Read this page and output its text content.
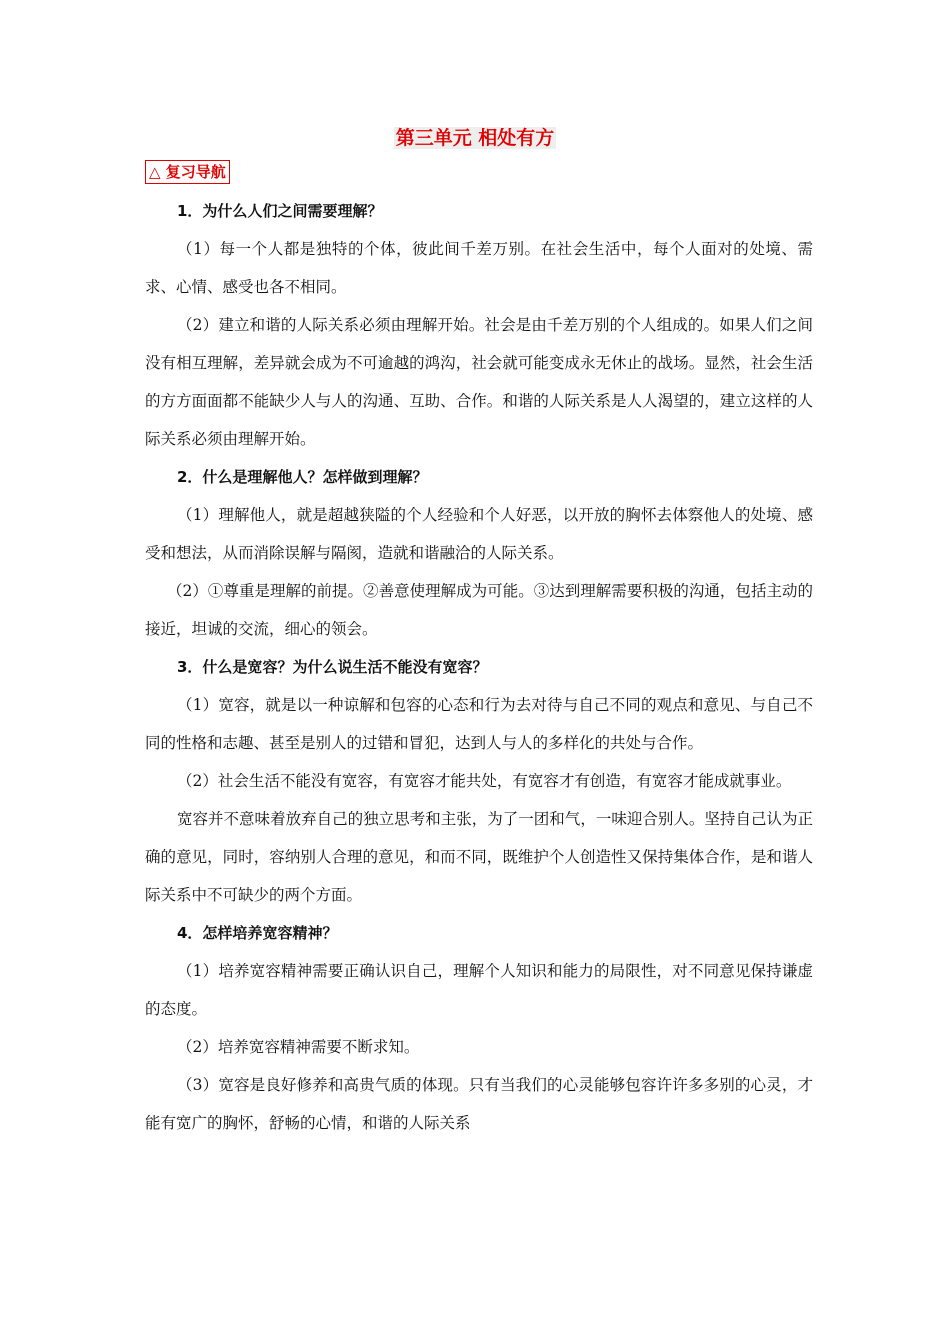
第三单元 相处有方
△ 复习导航

1．为什么人们之间需要理解？

（1）每一个人都是独特的个体，彼此间千差万别。在社会生活中，每个人面对的处境、需求、心情、感受也各不相同。

（2）建立和谐的人际关系必须由理解开始。社会是由千差万别的个人组成的。如果人们之间没有相互理解，差异就会成为不可逾越的鸿沟，社会就可能变成永无休止的战场。显然，社会生活的方方面面都不能缺少人与人的沟通、互助、合作。和谐的人际关系是人人渴望的，建立这样的人际关系必须由理解开始。

2．什么是理解他人？怎样做到理解？

（1）理解他人，就是超越狭隘的个人经验和个人好恶，以开放的胸怀去体察他人的处境、感受和想法，从而消除误解与隔阂，造就和谐融洽的人际关系。

（2）①尊重是理解的前提。②善意使理解成为可能。③达到理解需要积极的沟通，包括主动的接近，坦诚的交流，细心的领会。

3．什么是宽容？为什么说生活不能没有宽容？

（1）宽容，就是以一种谅解和包容的心态和行为去对待与自己不同的观点和意见、与自己不同的性格和志趣、甚至是别人的过错和冒犯，达到人与人的多样化的共处与合作。

（2）社会生活不能没有宽容，有宽容才能共处，有宽容才有创造，有宽容才能成就事业。

宽容并不意味着放弃自己的独立思考和主张，为了一团和气，一味迎合别人。坚持自己认为正确的意见，同时，容纳别人合理的意见，和而不同，既维护个人创造性又保持集体合作，是和谐人际关系中不可缺少的两个方面。

4．怎样培养宽容精神？

（1）培养宽容精神需要正确认识自己，理解个人知识和能力的局限性，对不同意见保持谦虚的态度。

（2）培养宽容精神需要不断求知。

（3）宽容是良好修养和高贵气质的体现。只有当我们的心灵能够包容许许多多别的心灵，才能有宽广的胸怀，舒畅的心情，和谐的人际关系
